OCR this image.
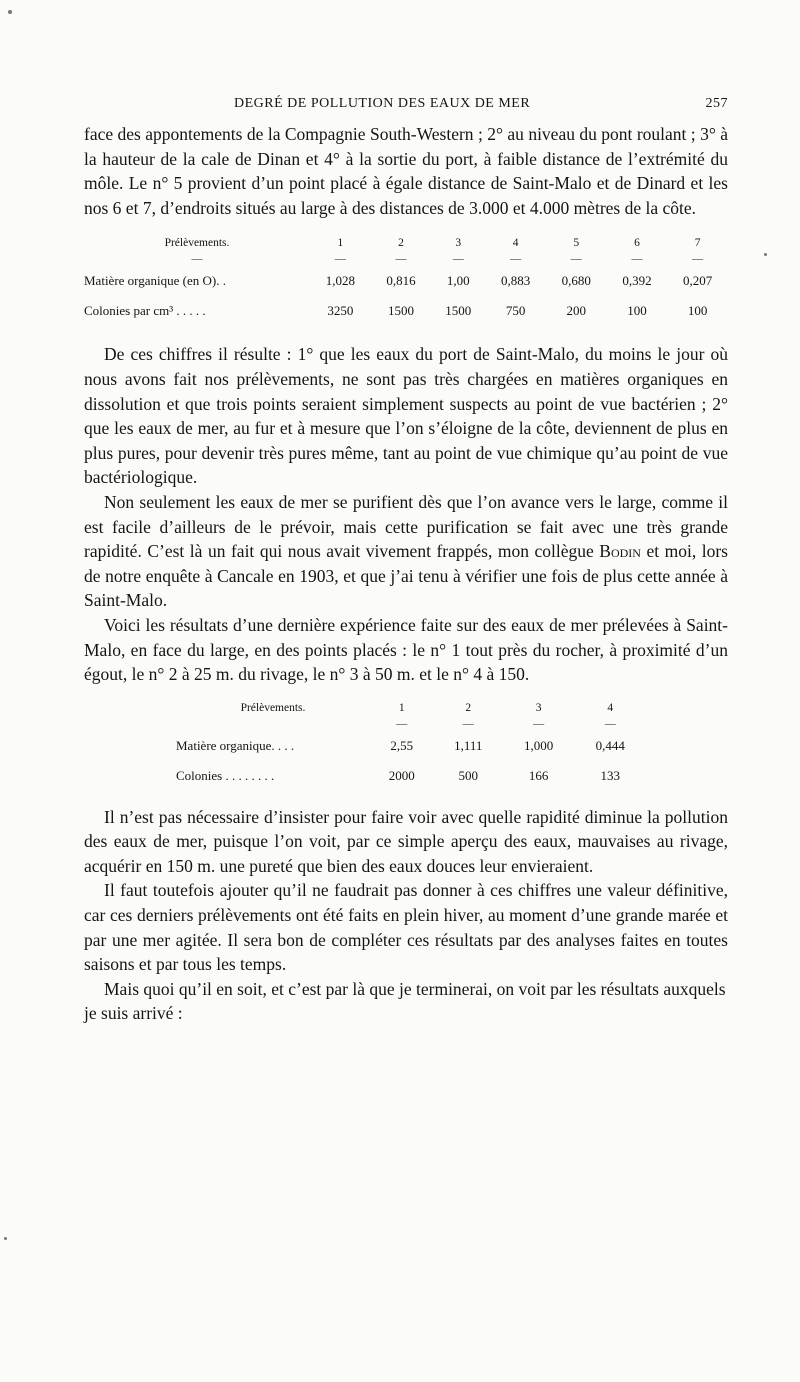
DEGRÉ DE POLLUTION DES EAUX DE MER	257

face des appontements de la Compagnie South-Western ; 2° au niveau du pont roulant ; 3° à la hauteur de la cale de Dinan et 4° à la sortie du port, à faible distance de l’extrémité du môle. Le n° 5 provient d’un point placé à égale distance de Saint-Malo et de Dinard et les nos 6 et 7, d’endroits situés au large à des distances de 3.000 et 4.000 mètres de la côte.

Prélèvements.	1	2	3	4	5	6	7
—	—	—	—	—	—	—	—
Matière organique (en O). .	1,028	0,816	1,00	0,883	0,680	0,392	0,207
Colonies par cm³ . . . . .	3250	1500	1500	750	200	100	100

De ces chiffres il résulte : 1° que les eaux du port de Saint-Malo, du moins le jour où nous avons fait nos prélèvements, ne sont pas très chargées en matières organiques en dissolution et que trois points seraient simplement suspects au point de vue bactérien ; 2° que les eaux de mer, au fur et à mesure que l’on s’éloigne de la côte, deviennent de plus en plus pures, pour devenir très pures même, tant au point de vue chimique qu’au point de vue bactériologique.

Non seulement les eaux de mer se purifient dès que l’on avance vers le large, comme il est facile d’ailleurs de le prévoir, mais cette purification se fait avec une très grande rapidité. C’est là un fait qui nous avait vivement frappés, mon collègue Bodin et moi, lors de notre enquête à Cancale en 1903, et que j’ai tenu à vérifier une fois de plus cette année à Saint-Malo.

Voici les résultats d’une dernière expérience faite sur des eaux de mer prélevées à Saint-Malo, en face du large, en des points placés : le n° 1 tout près du rocher, à proximité d’un égout, le n° 2 à 25 m. du rivage, le n° 3 à 50 m. et le n° 4 à 150.

Prélèvements.	1	2	3	4
	—	—	—	—
Matière organique. . . .	2,55	1,111	1,000	0,444
Colonies . . . . . . . .	2000	500	166	133

Il n’est pas nécessaire d’insister pour faire voir avec quelle rapidité diminue la pollution des eaux de mer, puisque l’on voit, par ce simple aperçu des eaux, mauvaises au rivage, acquérir en 150 m. une pureté que bien des eaux douces leur envieraient.

Il faut toutefois ajouter qu’il ne faudrait pas donner à ces chiffres une valeur définitive, car ces derniers prélèvements ont été faits en plein hiver, au moment d’une grande marée et par une mer agitée. Il sera bon de compléter ces résultats par des analyses faites en toutes saisons et par tous les temps.

Mais quoi qu’il en soit, et c’est par là que je terminerai, on voit par les résultats auxquels je suis arrivé :
